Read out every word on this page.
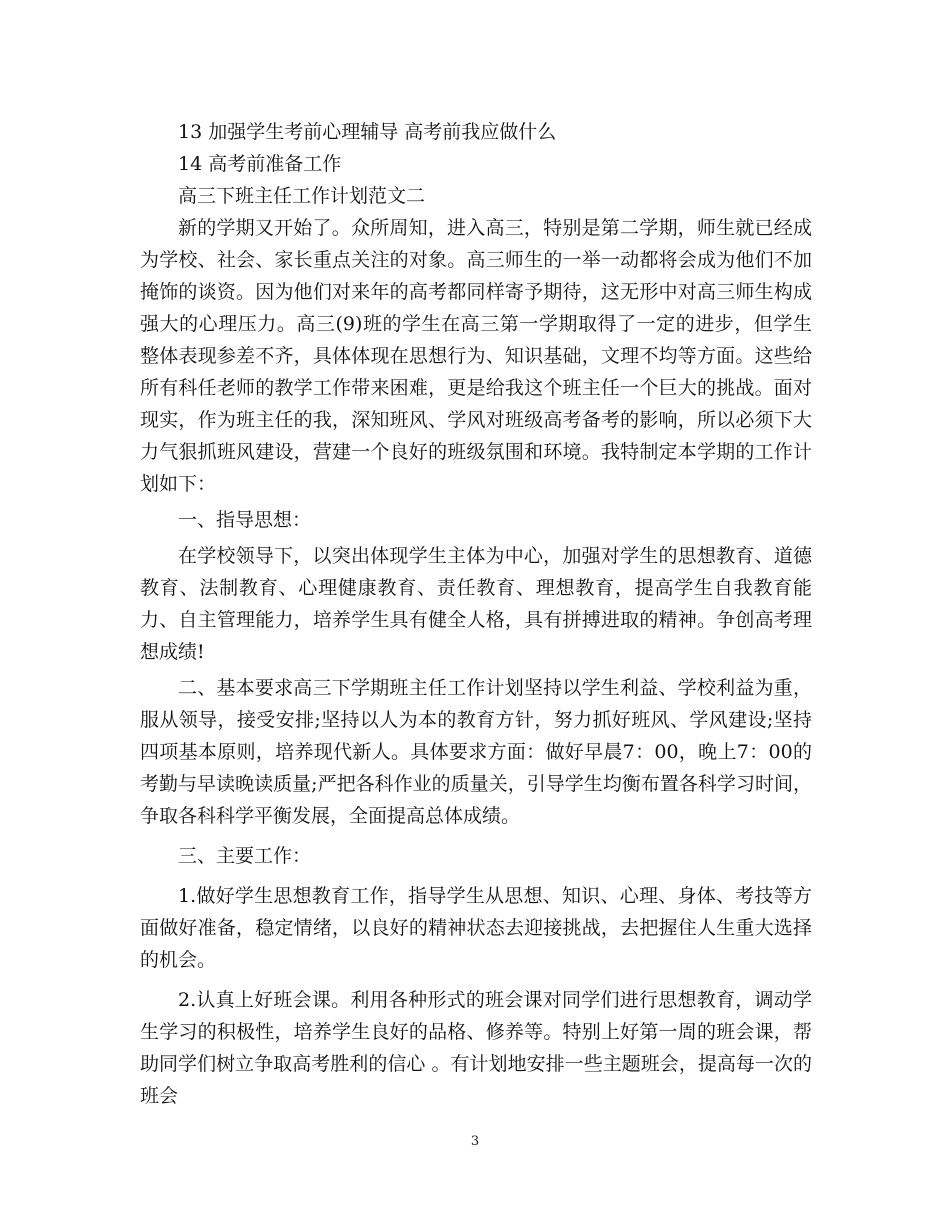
13 加强学生考前心理辅导 高考前我应做什么

14 高考前准备工作

高三下班主任工作计划范文二

新的学期又开始了。众所周知，进入高三，特别是第二学期，师生就已经成为学校、社会、家长重点关注的对象。高三师生的一举一动都将会成为他们不加掩饰的谈资。因为他们对来年的高考都同样寄予期待，这无形中对高三师生构成强大的心理压力。高三(9)班的学生在高三第一学期取得了一定的进步，但学生整体表现参差不齐，具体体现在思想行为、知识基础，文理不均等方面。这些给所有科任老师的教学工作带来困难，更是给我这个班主任一个巨大的挑战。面对现实，作为班主任的我，深知班风、学风对班级高考备考的影响，所以必须下大力气狠抓班风建设，营建一个良好的班级氛围和环境。我特制定本学期的工作计划如下：

一、指导思想：

在学校领导下，以突出体现学生主体为中心，加强对学生的思想教育、道德教育、法制教育、心理健康教育、责任教育、理想教育，提高学生自我教育能力、自主管理能力，培养学生具有健全人格，具有拼搏进取的精神。争创高考理想成绩!

二、基本要求高三下学期班主任工作计划坚持以学生利益、学校利益为重，服从领导，接受安排;坚持以人为本的教育方针，努力抓好班风、学风建设;坚持四项基本原则，培养现代新人。具体要求方面：做好早晨7：00，晚上7：00的考勤与早读晚读质量;严把各科作业的质量关，引导学生均衡布置各科学习时间，争取各科科学平衡发展，全面提高总体成绩。

三、主要工作：

1.做好学生思想教育工作，指导学生从思想、知识、心理、身体、考技等方面做好准备，稳定情绪，以良好的精神状态去迎接挑战，去把握住人生重大选择的机会。

2.认真上好班会课。利用各种形式的班会课对同学们进行思想教育，调动学生学习的积极性，培养学生良好的品格、修养等。特别上好第一周的班会课，帮助同学们树立争取高考胜利的信心 。有计划地安排一些主题班会，提高每一次的班会

3
